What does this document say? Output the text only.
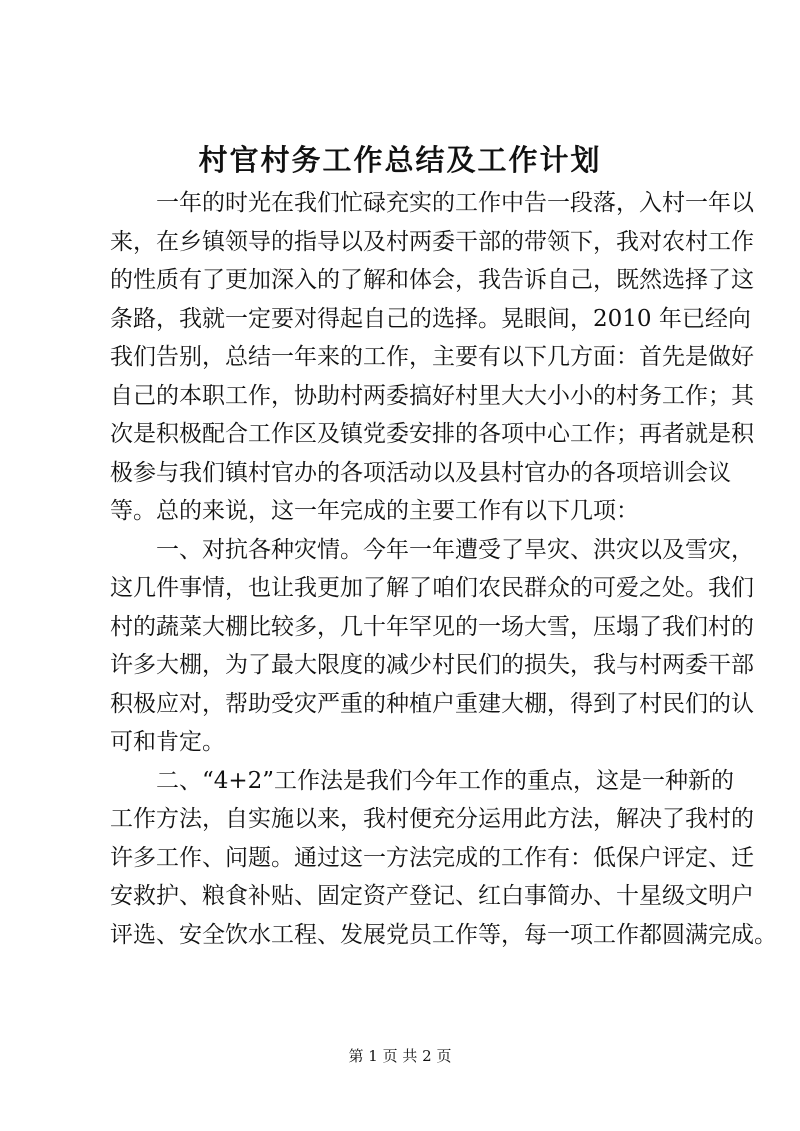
村官村务工作总结及工作计划
一年的时光在我们忙碌充实的工作中告一段落，入村一年以
来，在乡镇领导的指导以及村两委干部的带领下，我对农村工作
的性质有了更加深入的了解和体会，我告诉自己，既然选择了这
条路，我就一定要对得起自己的选择。晃眼间，2010 年已经向
我们告别，总结一年来的工作，主要有以下几方面：首先是做好
自己的本职工作，协助村两委搞好村里大大小小的村务工作；其
次是积极配合工作区及镇党委安排的各项中心工作；再者就是积
极参与我们镇村官办的各项活动以及县村官办的各项培训会议
等。总的来说，这一年完成的主要工作有以下几项：
一、对抗各种灾情。今年一年遭受了旱灾、洪灾以及雪灾，
这几件事情，也让我更加了解了咱们农民群众的可爱之处。我们
村的蔬菜大棚比较多，几十年罕见的一场大雪，压塌了我们村的
许多大棚，为了最大限度的减少村民们的损失，我与村两委干部
积极应对，帮助受灾严重的种植户重建大棚，得到了村民们的认
可和肯定。
二、“4+2”工作法是我们今年工作的重点，这是一种新的
工作方法，自实施以来，我村便充分运用此方法，解决了我村的
许多工作、问题。通过这一方法完成的工作有：低保户评定、迁
安救护、粮食补贴、固定资产登记、红白事简办、十星级文明户
评选、安全饮水工程、发展党员工作等，每一项工作都圆满完成。
第 1 页 共 2 页
